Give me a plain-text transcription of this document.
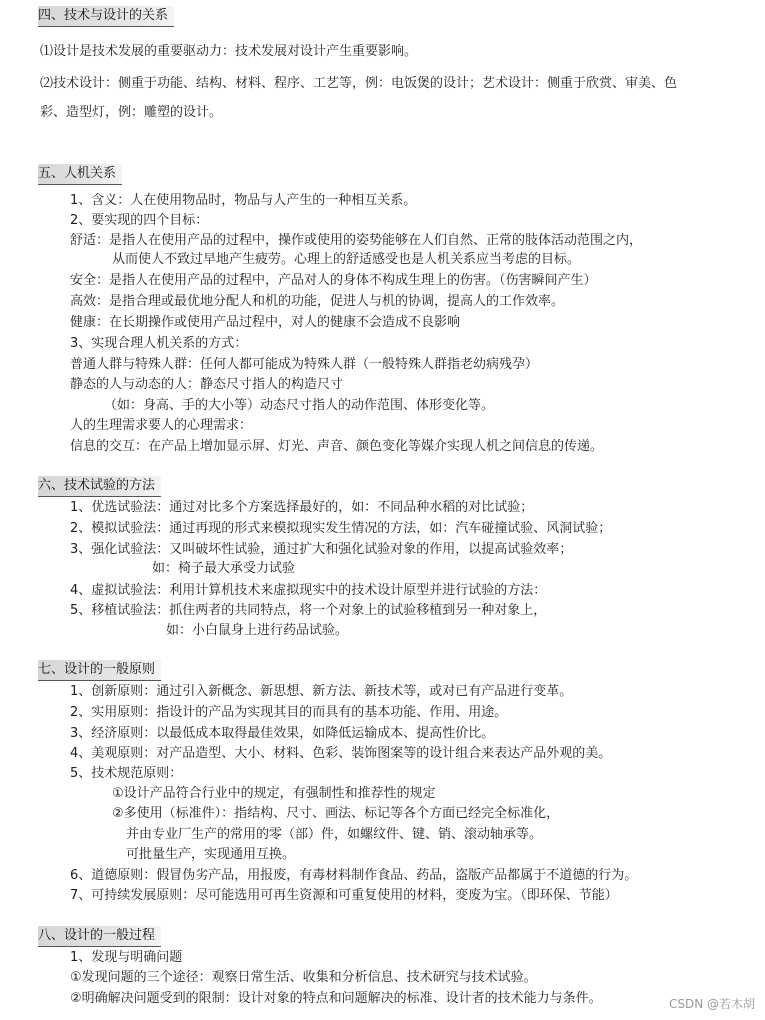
四、技术与设计的关系
⑴设计是技术发展的重要驱动力：技术发展对设计产生重要影响。
⑵技术设计：侧重于功能、结构、材料、程序、工艺等，例：电饭煲的设计；艺术设计：侧重于欣赏、审美、色
彩、造型灯，例：雕塑的设计。
五、人机关系
1、含义：人在使用物品时，物品与人产生的一种相互关系。
2、要实现的四个目标：
舒适：是指人在使用产品的过程中，操作或使用的姿势能够在人们自然、正常的肢体活动范围之内，
从而使人不致过早地产生疲劳。心理上的舒适感受也是人机关系应当考虑的目标。
安全：是指人在使用产品的过程中，产品对人的身体不构成生理上的伤害。（伤害瞬间产生）
高效：是指合理或最优地分配人和机的功能，促进人与机的协调，提高人的工作效率。
健康：在长期操作或使用产品过程中，对人的健康不会造成不良影响
3、实现合理人机关系的方式：
普通人群与特殊人群：任何人都可能成为特殊人群（一般特殊人群指老幼病残孕）
静态的人与动态的人：静态尺寸指人的构造尺寸
（如：身高、手的大小等）动态尺寸指人的动作范围、体形变化等。
人的生理需求要人的心理需求：
信息的交互：在产品上增加显示屏、灯光、声音、颜色变化等媒介实现人机之间信息的传递。
六、技术试验的方法
1、优选试验法：通过对比多个方案选择最好的，如：不同品种水稻的对比试验；
2、模拟试验法：通过再现的形式来模拟现实发生情况的方法，如：汽车碰撞试验、风洞试验；
3、强化试验法：又叫破坏性试验，通过扩大和强化试验对象的作用，以提高试验效率；
如：椅子最大承受力试验
4、虚拟试验法：利用计算机技术来虚拟现实中的技术设计原型并进行试验的方法：
5、移植试验法：抓住两者的共同特点，将一个对象上的试验移植到另一种对象上，
如：小白鼠身上进行药品试验。
七、设计的一般原则
1、创新原则：通过引入新概念、新思想、新方法、新技术等，或对已有产品进行变革。
2、实用原则：指设计的产品为实现其目的而具有的基本功能、作用、用途。
3、经济原则：以最低成本取得最佳效果，如降低运输成本、提高性价比。
4、美观原则：对产品造型、大小、材料、色彩、装饰图案等的设计组合来表达产品外观的美。
5、技术规范原则：
①设计产品符合行业中的规定，有强制性和推荐性的规定
②多使用（标准件）：指结构、尺寸、画法、标记等各个方面已经完全标准化，
并由专业厂生产的常用的零（部）件，如螺纹件、键、销、滚动轴承等。
可批量生产，实现通用互换。
6、道德原则：假冒伪劣产品，用报废，有毒材料制作食品、药品，盗版产品都属于不道德的行为。
7、可持续发展原则：尽可能选用可再生资源和可重复使用的材料，变废为宝。（即环保、节能）
八、设计的一般过程
1、发现与明确问题
①发现问题的三个途径：观察日常生活、收集和分析信息、技术研究与技术试验。
②明确解决问题受到的限制：设计对象的特点和问题解决的标准、设计者的技术能力与条件。	CSDN @若木胡
